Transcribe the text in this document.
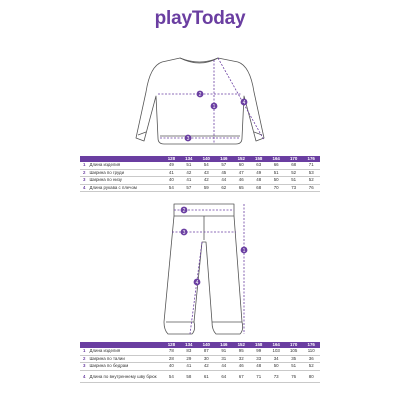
playToday
1
2
3
4
		128	134	140	146	152	158	164	170	176
1	Длина изделия	49	51	54	57	60	63	66	68	71
2	Ширина по груди	41	42	43	45	47	49	51	52	53
3	Ширина по низу	40	41	42	44	46	48	50	51	52
4	Длина рукава с плечом	54	57	59	62	65	68	70	73	76
1
2
3
4
		128	134	140	146	152	158	164	170	176
1	Длина изделия	78	83	87	91	95	99	103	105	110
2	Ширина по талии	28	29	30	31	32	33	34	35	36
3	Ширина по бедрам	40	41	42	44	46	48	50	51	52
4	Длина по внутреннему шву брюк	54	58	61	64	67	71	73	76	80
